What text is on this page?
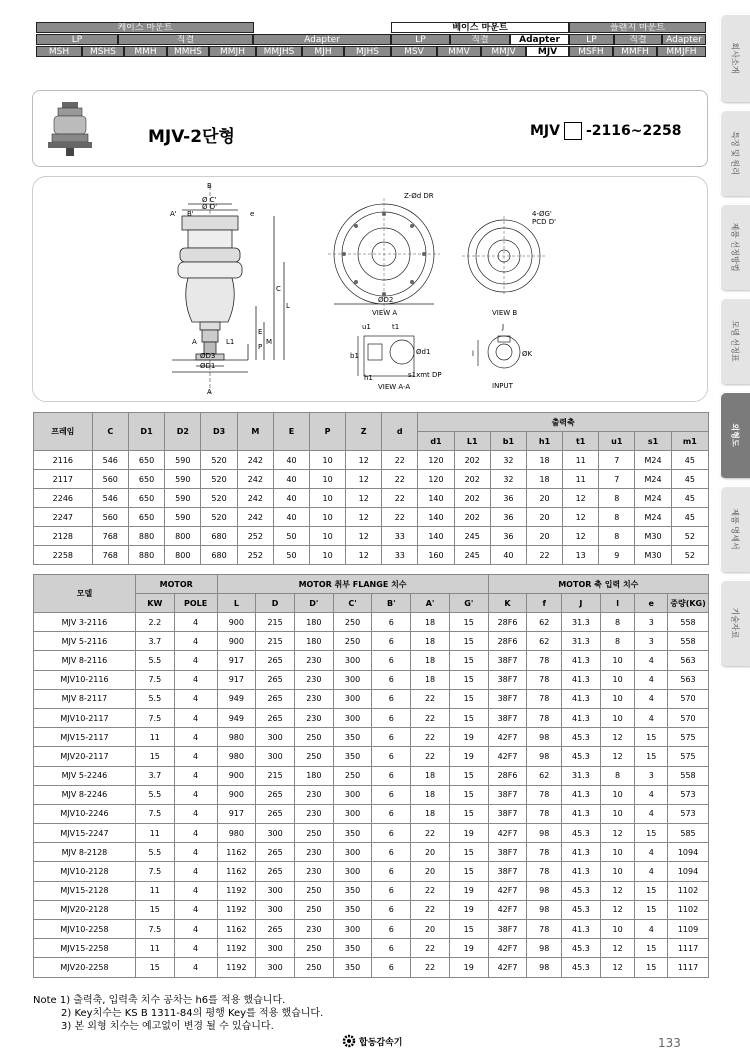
케이스 마운트	베이스 마운트	플랜지 마운트
LP	직결	Adapter	LP	직결	Adapter	LP	직결	Adapter
MSH	MSHS	MMH	MMHS	MMJH	MMJHS	MJH	MJHS	MSV	MMV	MMJV	MJV	MSFH	MMFH	MMJFH	회사소개
특징 및 원리
제품 선정방법
모델 선정표
외형도
제품 명세서
기술자료
MJV-2단형	MJV -2116~2258
B
A
Ø C'
Ø D'
A' B'	e
C
L
E
P
M
A	L1
ØD3
ØD1
Z-Ød DR
ØD2
VIEW A
4-ØG'
PCD D'
VIEW B
u1	t1
b1	Ød1
h1	s1xmt DP
VIEW A-A
J
l	ØK
INPUT
프레임	C	D1	D2	D3	M	E	P	Z	d	출력축							
										d1	L1	b1	h1	t1	u1	s1	m1
2116	546	650	590	520	242	40	10	12	22	120	202	32	18	11	7	M24	45
2117	560	650	590	520	242	40	10	12	22	120	202	32	18	11	7	M24	45
2246	546	650	590	520	242	40	10	12	22	140	202	36	20	12	8	M24	45
2247	560	650	590	520	242	40	10	12	22	140	202	36	20	12	8	M24	45
2128	768	880	800	680	252	50	10	12	33	140	245	36	20	12	8	M30	52
2258	768	880	800	680	252	50	10	12	33	160	245	40	22	13	9	M30	52
모델	MOTOR		MOTOR 취부 FLANGE 치수							MOTOR 축 입력 치수					
	KW	POLE	L	D	D'	C'	B'	A'	G'	K	f	J	l	e	중량(KG)
MJV 3-2116	2.2	4	900	215	180	250	6	18	15	28F6	62	31.3	8	3	558
MJV 5-2116	3.7	4	900	215	180	250	6	18	15	28F6	62	31.3	8	3	558
MJV 8-2116	5.5	4	917	265	230	300	6	18	15	38F7	78	41.3	10	4	563
MJV10-2116	7.5	4	917	265	230	300	6	18	15	38F7	78	41.3	10	4	563
MJV 8-2117	5.5	4	949	265	230	300	6	22	15	38F7	78	41.3	10	4	570
MJV10-2117	7.5	4	949	265	230	300	6	22	15	38F7	78	41.3	10	4	570
MJV15-2117	11	4	980	300	250	350	6	22	19	42F7	98	45.3	12	15	575
MJV20-2117	15	4	980	300	250	350	6	22	19	42F7	98	45.3	12	15	575
MJV 5-2246	3.7	4	900	215	180	250	6	18	15	28F6	62	31.3	8	3	558
MJV 8-2246	5.5	4	900	265	230	300	6	18	15	38F7	78	41.3	10	4	573
MJV10-2246	7.5	4	917	265	230	300	6	18	15	38F7	78	41.3	10	4	573
MJV15-2247	11	4	980	300	250	350	6	22	19	42F7	98	45.3	12	15	585
MJV 8-2128	5.5	4	1162	265	230	300	6	20	15	38F7	78	41.3	10	4	1094
MJV10-2128	7.5	4	1162	265	230	300	6	20	15	38F7	78	41.3	10	4	1094
MJV15-2128	11	4	1192	300	250	350	6	22	19	42F7	98	45.3	12	15	1102
MJV20-2128	15	4	1192	300	250	350	6	22	19	42F7	98	45.3	12	15	1102
MJV10-2258	7.5	4	1162	265	230	300	6	20	15	38F7	78	41.3	10	4	1109
MJV15-2258	11	4	1192	300	250	350	6	22	19	42F7	98	45.3	12	15	1117
MJV20-2258	15	4	1192	300	250	350	6	22	19	42F7	98	45.3	12	15	1117
Note 1) 출력축, 입력축 치수 공차는 h6를 적용 했습니다.
2) Key치수는 KS B 1311-84의 평행 Key를 적용 했습니다.
3) 본 외형 치수는 예고없이 변경 될 수 있습니다.
합동감속기	133
